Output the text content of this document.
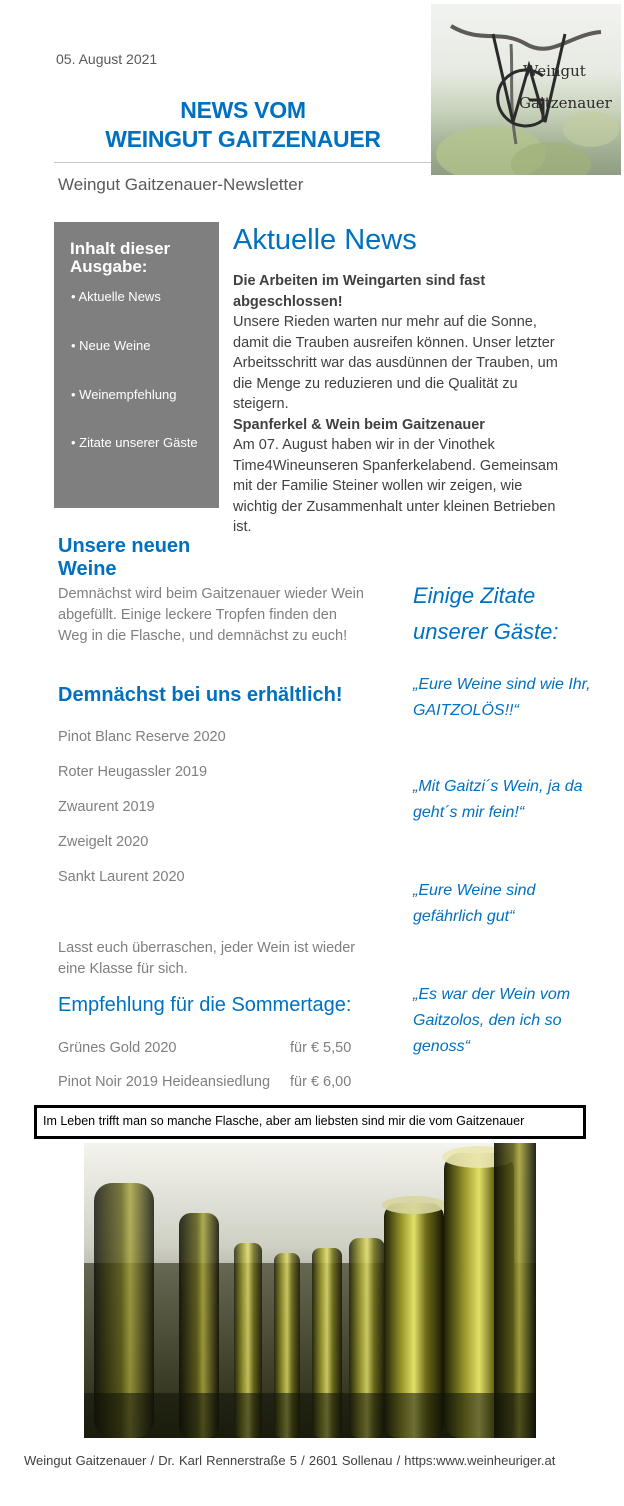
05. August 2021
NEWS VOM
WEINGUT GAITZENAUER
Weingut Gaitzenauer-Newsletter
Weingut
Gaitzenauer
Inhalt dieser
Ausgabe:
• Aktuelle News
• Neue Weine
• Weinempfehlung
• Zitate unserer Gäste
Aktuelle News
Die Arbeiten im Weingarten sind fast abgeschlossen!
Unsere Rieden warten nur mehr auf die Sonne, damit die Trauben ausreifen können. Unser letzter Arbeitsschritt war das ausdünnen der Trauben, um die Menge zu reduzieren und die Qualität zu steigern.
Spanferkel & Wein beim Gaitzenauer
Am 07. August haben wir in der Vinothek Time4Wineunseren Spanferkelabend. Gemeinsam mit der Familie Steiner wollen wir zeigen, wie wichtig der Zusammenhalt unter kleinen Betrieben ist.
Unsere neuen
Weine
Demnächst wird beim Gaitzenauer wieder Wein abgefüllt. Einige leckere Tropfen finden den Weg in die Flasche, und demnächst zu euch!
Demnächst bei uns erhältlich!
Pinot Blanc Reserve 2020
Roter Heugassler 2019
Zwaurent 2019
Zweigelt 2020
Sankt Laurent 2020
Lasst euch überraschen, jeder Wein ist wieder eine Klasse für sich.
Empfehlung für die Sommertage:
Grünes Gold 2020	für € 5,50
Pinot Noir 2019 Heideansiedlung für € 6,00
Einige Zitate unserer Gäste:
„Eure Weine sind wie Ihr, GAITZOLÖS!!“
„Mit Gaitzi´s Wein, ja da geht´s mir fein!“
„Eure Weine sind gefährlich gut“
„Es war der Wein vom Gaitzolos, den ich so genoss“
Im Leben trifft man so manche Flasche, aber am liebsten sind mir die vom Gaitzenauer
Weingut Gaitzenauer / Dr. Karl Rennerstraße 5 / 2601 Sollenau / https:www.weinheuriger.at
